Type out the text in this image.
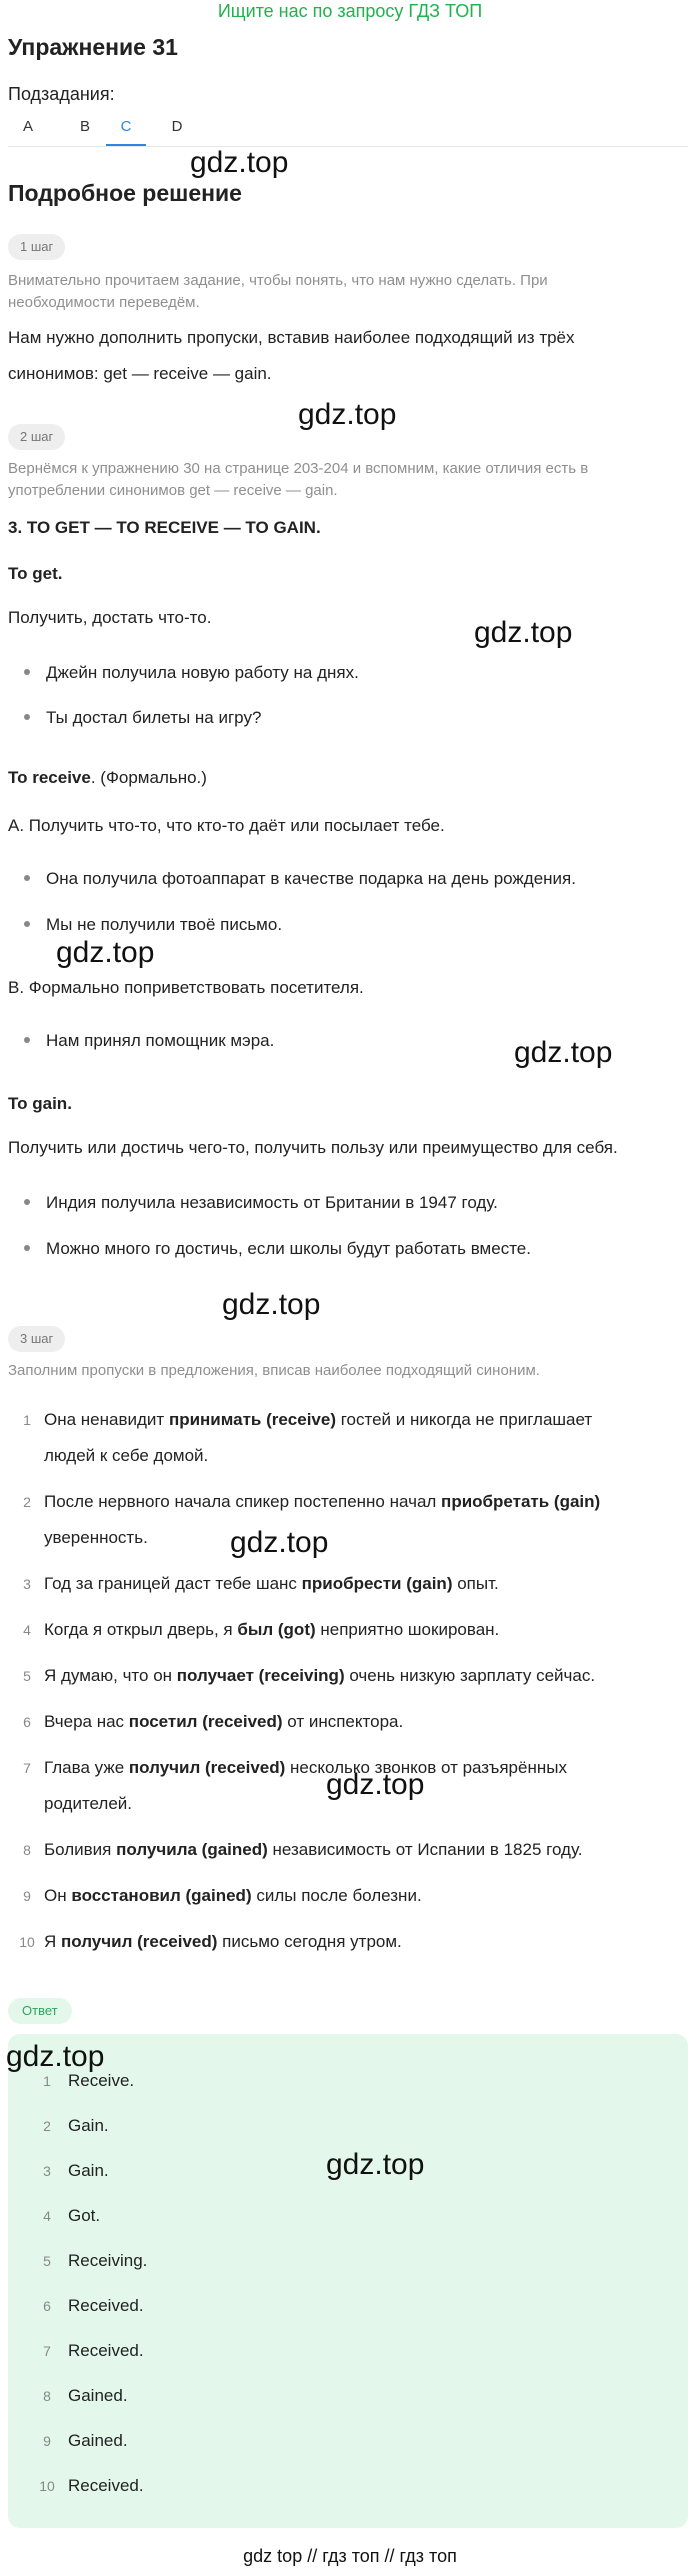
Ищите нас по запросу ГДЗ ТОП
Упражнение 31
Подзадания:
A	B	C	D
gdz.top
Подробное решение
1 шаг

Внимательно прочитаем задание, чтобы понять, что нам нужно сделать. При
необходимости переведём.

Нам нужно дополнить пропуски, вставив наиболее подходящий из трёх
синонимов: get — receive — gain.

gdz.top
2 шаг

Вернёмся к упражнению 30 на странице 203-204 и вспомним, какие отличия есть в
употреблении синонимов get — receive — gain.

3. TO GET — TO RECEIVE — TO GAIN.
To get.
Получить, достать что-то.	gdz.top
Джейн получила новую работу на днях.
Ты достал билеты на игру?
To receive. (Формально.)
A. Получить что-то, что кто-то даёт или посылает тебе.
Она получила фотоаппарат в качестве подарка на день рождения.
Мы не получили твоё письмо.
gdz.top
B. Формально поприветствовать посетителя.
Нам принял помощник мэра.	gdz.top
To gain.
Получить или достичь чего-то, получить пользу или преимущество для себя.
Индия получила независимость от Британии в 1947 году.
Можно много го достичь, если школы будут работать вместе.
gdz.top
3 шаг

Заполним пропуски в предложения, вписав наиболее подходящий синоним.

1 Она ненавидит принимать (receive) гостей и никогда не приглашает
людей к себе домой.
2 После нервного начала спикер постепенно начал приобретать (gain)
уверенность.
3 Год за границей даст тебе шанс приобрести (gain) опыт.
4 Когда я открыл дверь, я был (got) неприятно шокирован.
5 Я думаю, что он получает (receiving) очень низкую зарплату сейчас.
6 Вчера нас посетил (received) от инспектора.
7 Глава уже получил (received) несколько звонков от разъярённых
родителей.
8 Боливия получила (gained) независимость от Испании в 1825 году.
9 Он восстановил (gained) силы после болезни.
10 Я получил (received) письмо сегодня утром.
gdz.top
gdz.top
Ответ
1 Receive.
2 Gain.
3 Gain.
4 Got.
5 Receiving.
6 Received.
7 Received.
8 Gained.
9 Gained.
10 Received.
gdz.top
gdz.top
gdz top // гдз топ // гдз топ
